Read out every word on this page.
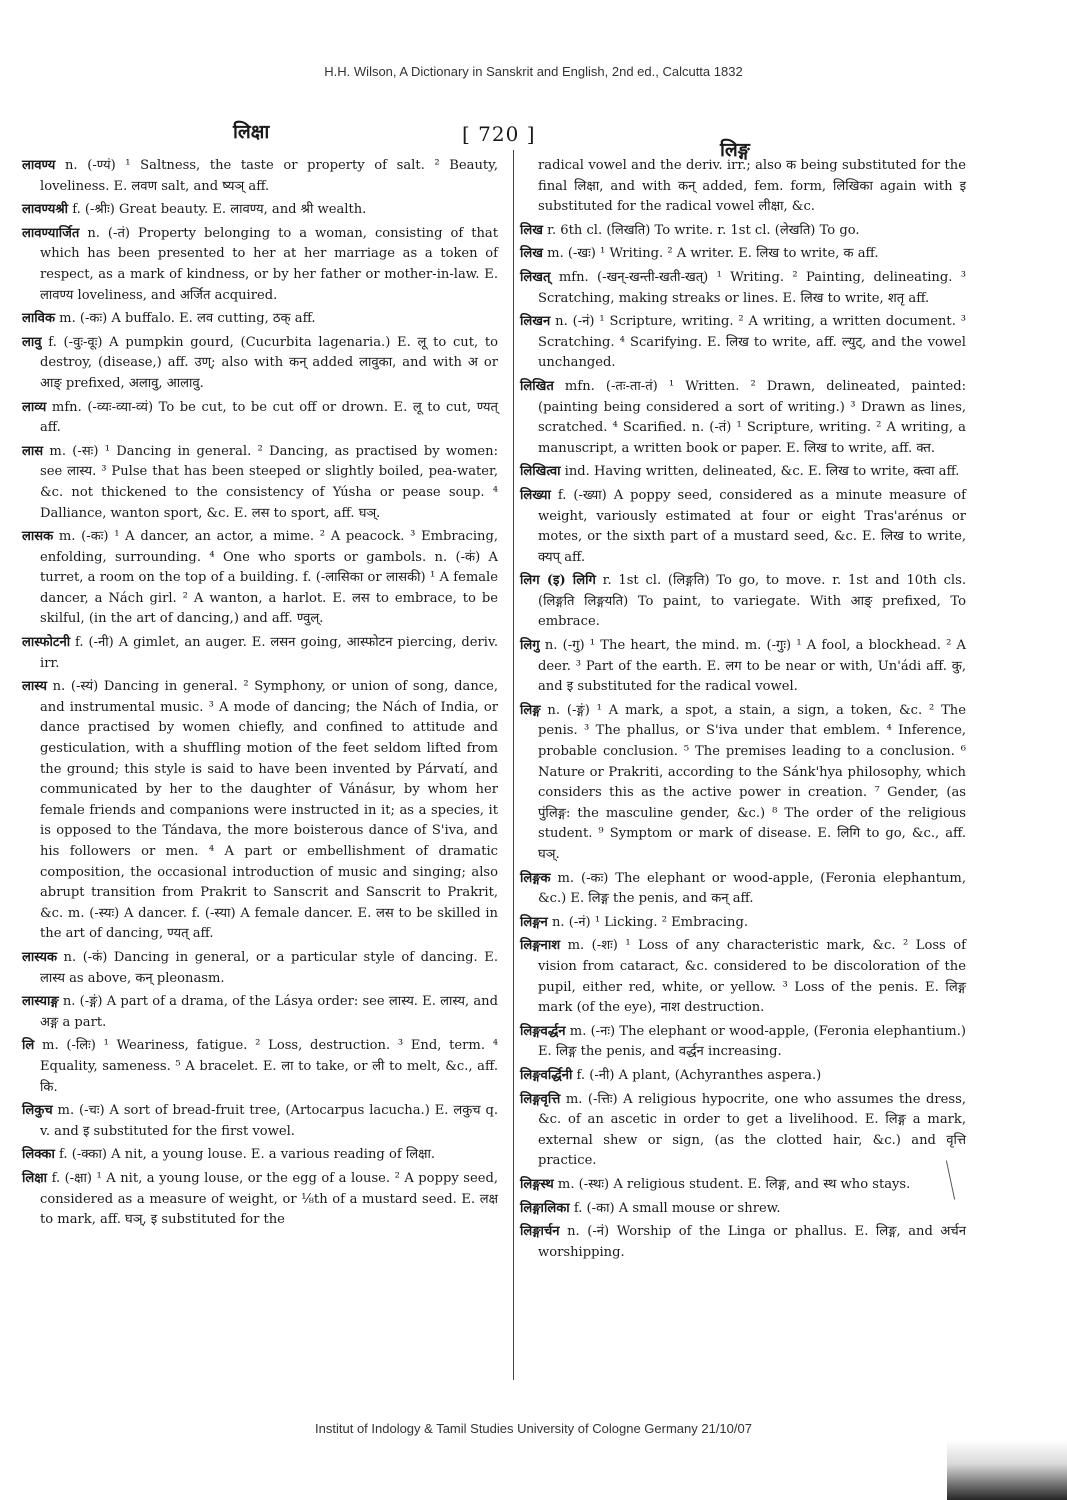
H.H. Wilson, A Dictionary in Sanskrit and English, 2nd ed., Calcutta 1832
लिक्षा	[ 720 ]
लिङ्ग

लावण्य n. (-ण्यं) ¹ Saltness, the taste or property of salt. ² Beauty, loveliness. E. लवण salt, and ष्यञ् aff.

लावण्यश्री f. (-श्रीः) Great beauty. E. लावण्य, and श्री wealth.

लावण्यार्जित n. (-तं) Property belonging to a woman, consisting of that which has been presented to her at her marriage as a token of respect, as a mark of kindness, or by her father or mother-in-law. E. लावण्य loveliness, and अर्जित acquired.

लाविक m. (-कः) A buffalo. E. लव cutting, ठक् aff.

लावु f. (-वुः-वूः) A pumpkin gourd, (Cucurbita lagenaria.) E. लू to cut, to destroy, (disease,) aff. उण्; also with कन् added लावुका, and with अ or आङ् prefixed, अलावु, आलावु.

लाव्य mfn. (-व्यः-व्या-व्यं) To be cut, to be cut off or drown. E. लू to cut, ण्यत् aff.

लास m. (-सः) ¹ Dancing in general. ² Dancing, as practised by women: see लास्य. ³ Pulse that has been steeped or slightly boiled, pea-water, &c. not thickened to the consistency of Yúsha or pease soup. ⁴ Dalliance, wanton sport, &c. E. लस to sport, aff. घञ्.

लासक m. (-कः) ¹ A dancer, an actor, a mime. ² A peacock. ³ Embracing, enfolding, surrounding. ⁴ One who sports or gambols. n. (-कं) A turret, a room on the top of a building. f. (-लासिका or लासकी) ¹ A female dancer, a Nách girl. ² A wanton, a harlot. E. लस to embrace, to be skilful, (in the art of dancing,) and aff. ण्वुल्.

लास्फोटनी f. (-नी) A gimlet, an auger. E. लसन going, आस्फोटन piercing, deriv. irr.

लास्य n. (-स्यं) Dancing in general. ² Symphony, or union of song, dance, and instrumental music. ³ A mode of dancing; the Nách of India, or dance practised by women chiefly, and confined to attitude and gesticulation, with a shuffling motion of the feet seldom lifted from the ground; this style is said to have been invented by Párvatí, and communicated by her to the daughter of Vánásur, by whom her female friends and companions were instructed in it; as a species, it is opposed to the Tándava, the more boisterous dance of S'iva, and his followers or men. ⁴ A part or embellishment of dramatic composition, the occasional introduction of music and singing; also abrupt transition from Prakrit to Sanscrit and Sanscrit to Prakrit, &c. m. (-स्यः) A dancer. f. (-स्या) A female dancer. E. लस to be skilled in the art of dancing, ण्यत् aff.

लास्यक n. (-कं) Dancing in general, or a particular style of dancing. E. लास्य as above, कन् pleonasm.

लास्याङ्ग n. (-ङ्गं) A part of a drama, of the Lásya order: see लास्य. E. लास्य, and अङ्ग a part.

लि m. (-लिः) ¹ Weariness, fatigue. ² Loss, destruction. ³ End, term. ⁴ Equality, sameness. ⁵ A bracelet. E. ला to take, or ली to melt, &c., aff. कि.

लिकुच m. (-चः) A sort of bread-fruit tree, (Artocarpus lacucha.) E. लकुच q. v. and इ substituted for the first vowel.

लिक्का f. (-क्का) A nit, a young louse. E. a various reading of लिक्षा.

लिक्षा f. (-क्षा) ¹ A nit, a young louse, or the egg of a louse. ² A poppy seed, considered as a measure of weight, or ⅛th of a mustard seed. E. लक्ष to mark, aff. घञ्, इ substituted for the

radical vowel and the deriv. irr.; also क being substituted for the final लिक्षा, and with कन् added, fem. form, लिखिका again with इ substituted for the radical vowel लीक्षा, &c.

लिख r. 6th cl. (लिखति) To write. r. 1st cl. (लेखति) To go.

लिख m. (-खः) ¹ Writing. ² A writer. E. लिख to write, क aff.

लिखत् mfn. (-खन्-खन्ती-खती-खत्) ¹ Writing. ² Painting, delineating. ³ Scratching, making streaks or lines. E. लिख to write, शतृ aff.

लिखन n. (-नं) ¹ Scripture, writing. ² A writing, a written document. ³ Scratching. ⁴ Scarifying. E. लिख to write, aff. ल्युट्, and the vowel unchanged.

लिखित mfn. (-तः-ता-तं) ¹ Written. ² Drawn, delineated, painted: (painting being considered a sort of writing.) ³ Drawn as lines, scratched. ⁴ Scarified. n. (-तं) ¹ Scripture, writing. ² A writing, a manuscript, a written book or paper. E. लिख to write, aff. क्त.

लिखित्वा ind. Having written, delineated, &c. E. लिख to write, क्त्वा aff.

लिख्या f. (-ख्या) A poppy seed, considered as a minute measure of weight, variously estimated at four or eight Tras'arénus or motes, or the sixth part of a mustard seed, &c. E. लिख to write, क्यप् aff.

लिग (इ) लिगि r. 1st cl. (लिङ्गति) To go, to move. r. 1st and 10th cls. (लिङ्गति लिङ्गयति) To paint, to variegate. With आङ् prefixed, To embrace.

लिगु n. (-गु) ¹ The heart, the mind. m. (-गुः) ¹ A fool, a blockhead. ² A deer. ³ Part of the earth. E. लग to be near or with, Un'ádi aff. कु, and इ substituted for the radical vowel.

लिङ्ग n. (-ङ्गं) ¹ A mark, a spot, a stain, a sign, a token, &c. ² The penis. ³ The phallus, or S'iva under that emblem. ⁴ Inference, probable conclusion. ⁵ The premises leading to a conclusion. ⁶ Nature or Prakriti, according to the Sánk'hya philosophy, which considers this as the active power in creation. ⁷ Gender, (as पुंलिङ्ग: the masculine gender, &c.) ⁸ The order of the religious student. ⁹ Symptom or mark of disease. E. लिगि to go, &c., aff. घञ्.

लिङ्गक m. (-कः) The elephant or wood-apple, (Feronia elephantum, &c.) E. लिङ्ग the penis, and कन् aff.

लिङ्गन n. (-नं) ¹ Licking. ² Embracing.

लिङ्गनाश m. (-शः) ¹ Loss of any characteristic mark, &c. ² Loss of vision from cataract, &c. considered to be discoloration of the pupil, either red, white, or yellow. ³ Loss of the penis. E. लिङ्ग mark (of the eye), नाश destruction.

लिङ्गवर्द्धन m. (-नः) The elephant or wood-apple, (Feronia elephantium.) E. लिङ्ग the penis, and वर्द्धन increasing.

लिङ्गवर्द्धिनी f. (-नी) A plant, (Achyranthes aspera.)

लिङ्गवृत्ति m. (-त्तिः) A religious hypocrite, one who assumes the dress, &c. of an ascetic in order to get a livelihood. E. लिङ्ग a mark, external shew or sign, (as the clotted hair, &c.) and वृत्ति practice.

लिङ्गस्थ m. (-स्थः) A religious student. E. लिङ्ग, and स्थ who stays.

लिङ्गालिका f. (-का) A small mouse or shrew.

लिङ्गार्चन n. (-नं) Worship of the Linga or phallus. E. लिङ्ग, and अर्चन worshipping.

Institut of Indology & Tamil Studies University of Cologne Germany 21/10/07
